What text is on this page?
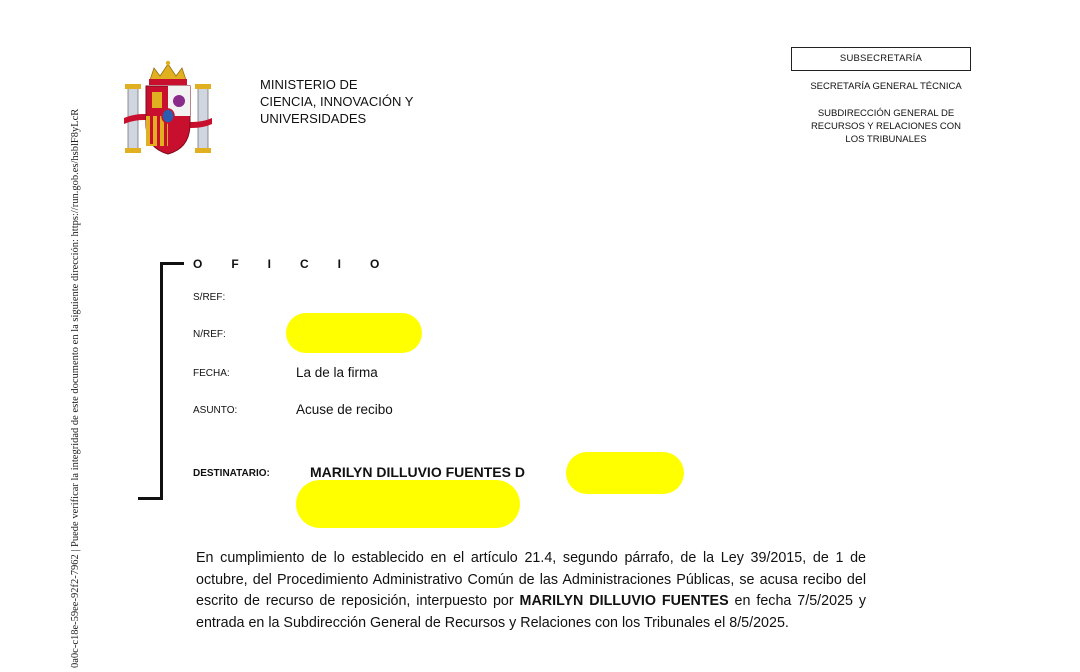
0a0c-c18e-59ee-92f2-7962 | Puede verificar la integridad de este documento en la siguiente dirección: https://run.gob.es/hsblF8yLcR
MINISTERIO DE
CIENCIA, INNOVACIÓN Y
UNIVERSIDADES
SUBSECRETARÍA
SECRETARÍA GENERAL TÉCNICA
SUBDIRECCIÓN GENERAL DE
RECURSOS Y RELACIONES CON
LOS TRIBUNALES
OFICIO
S/REF:
N/REF:
FECHA:	La de la firma
ASUNTO:	Acuse de recibo
DESTINATARIO:	MARILYN DILLUVIO FUENTES D
En cumplimiento de lo establecido en el artículo 21.4, segundo párrafo, de la Ley 39/2015, de 1 de octubre, del Procedimiento Administrativo Común de las Administraciones Públicas, se acusa recibo del escrito de recurso de reposición, interpuesto por MARILYN DILLUVIO FUENTES en fecha 7/5/2025 y entrada en la Subdirección General de Recursos y Relaciones con los Tribunales el 8/5/2025.
